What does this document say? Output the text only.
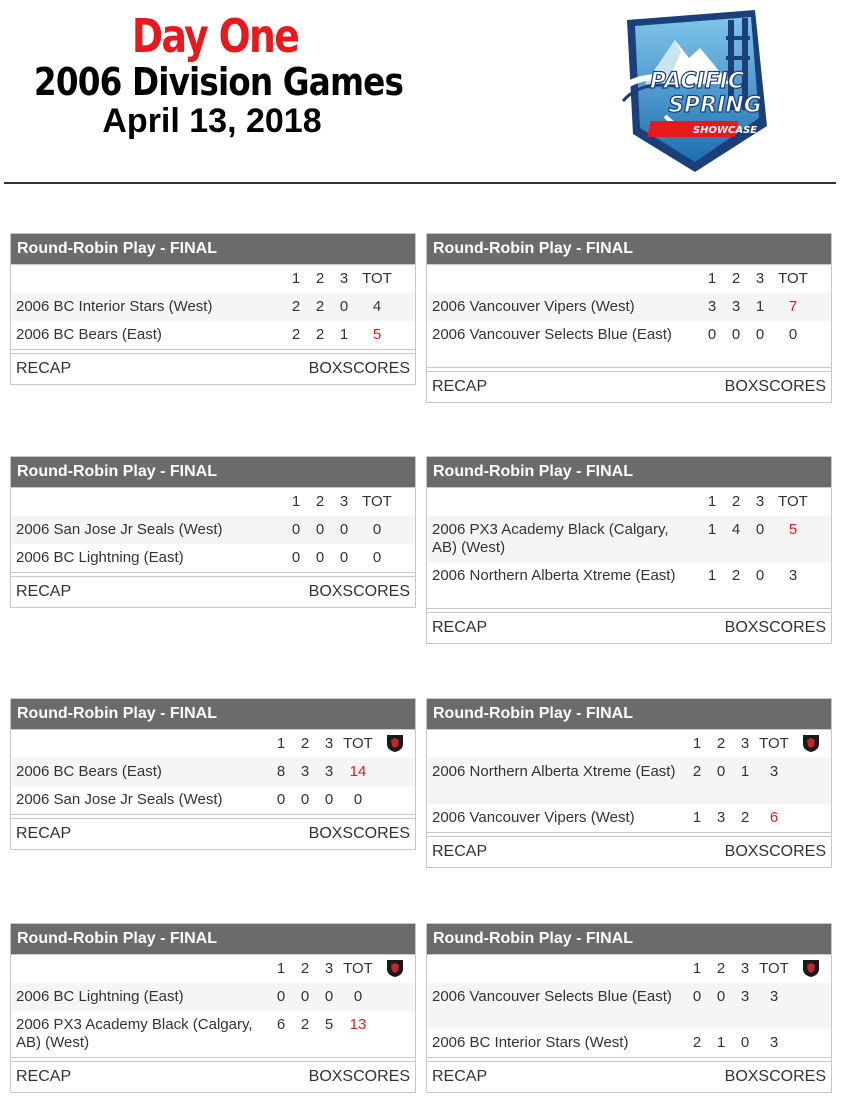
Day One
2006 Division Games
April 13, 2018
PACIFIC
SPRING
SHOWCASE
Round-Robin Play - FINAL
1 2 3 TOT
2006 BC Interior Stars (West)	2 2 0	4
2006 BC Bears (East)	2 2 1	5
RECAP	BOXSCORES
Round-Robin Play - FINAL
1 2 3 TOT
2006 Vancouver Vipers (West)	3 3 1	7
2006 Vancouver Selects Blue (East)	0 0 0	0
RECAP	BOXSCORES
Round-Robin Play - FINAL
1 2 3 TOT
2006 San Jose Jr Seals (West)	0 0 0	0
2006 BC Lightning (East)	0 0 0	0
RECAP	BOXSCORES
Round-Robin Play - FINAL
1 2 3 TOT
2006 PX3 Academy Black (Calgary, AB) (West)
1 4 0	5
2006 Northern Alberta Xtreme (East)	1 2 0	3
RECAP	BOXSCORES
Round-Robin Play - FINAL
1 2 3 TOT
2006 BC Bears (East)	8 3 3	14
2006 San Jose Jr Seals (West)	0 0 0	0
RECAP	BOXSCORES
Round-Robin Play - FINAL
1 2 3 TOT
2006 Northern Alberta Xtreme (East)	2 0 1	3
2006 Vancouver Vipers (West)	1 3 2	6
RECAP	BOXSCORES
Round-Robin Play - FINAL
1 2 3 TOT
2006 BC Lightning (East)	0 0 0	0
2006 PX3 Academy Black (Calgary, AB) (West)
6 2 5	13
RECAP	BOXSCORES
Round-Robin Play - FINAL
1 2 3 TOT
2006 Vancouver Selects Blue (East)	0 0 3	3
2006 BC Interior Stars (West)	2 1 0	3
RECAP	BOXSCORES
